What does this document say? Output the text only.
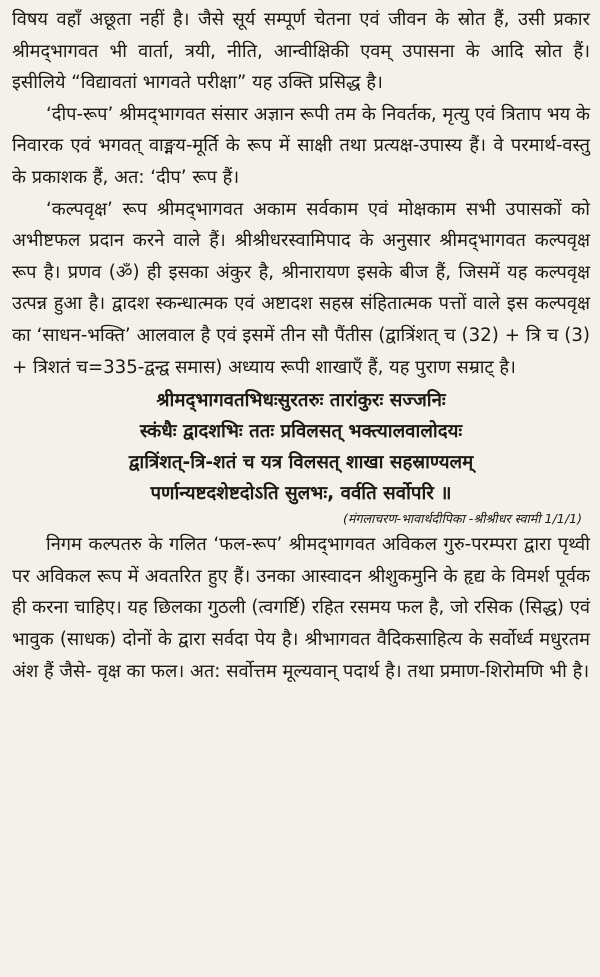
विषय वहाँ अछूता नहीं है। जैसे सूर्य सम्पूर्ण चेतना एवं जीवन के स्रोत हैं, उसी प्रकार श्रीमद्‌भागवत भी वार्ता, त्रयी, नीति, आन्वीक्षिकी एवम् उपासना के आदि स्रोत हैं। इसीलिये “विद्यावतां भागवते परीक्षा” यह उक्ति प्रसिद्ध है।

‘दीप-रूप’ श्रीमद्‌भागवत संसार अज्ञान रूपी तम के निवर्तक, मृत्यु एवं त्रिताप भय के निवारक एवं भगवत् वाङ्मय-मूर्ति के रूप में साक्षी तथा प्रत्यक्ष-उपास्य हैं। वे परमार्थ-वस्तु के प्रकाशक हैं, अत: ‘दीप’ रूप हैं।

‘कल्पवृक्ष’ रूप श्रीमद्‌भागवत अकाम सर्वकाम एवं मोक्षकाम सभी उपासकों को अभीष्टफल प्रदान करने वाले हैं। श्रीश्रीधरस्वामिपाद के अनुसार श्रीमद्‌भागवत कल्पवृक्ष रूप है। प्रणव (ॐ) ही इसका अंकुर है, श्रीनारायण इसके बीज हैं, जिसमें यह कल्पवृक्ष उत्पन्न हुआ है। द्वादश स्कन्धात्मक एवं अष्टादश सहस्र संहितात्मक पत्तों वाले इस कल्पवृक्ष का ‘साधन-भक्ति’ आलवाल है एवं इसमें तीन सौ पैंतीस (द्वात्रिंशत् च (32) + त्रि च (3) + त्रिशतं च=335-द्वन्द्व समास) अध्याय रूपी शाखाएँ हैं, यह पुराण सम्राट् है।

श्रीमद्‌भागवतभिधःसुरतरुः तारांकुरः सज्जनिः
स्कंधैः द्वादशभिः ततः प्रविलसत् भक्त्यालवालोदयः
द्वात्रिंशत्-त्रि-शतं च यत्र विलसत् शाखा सहस्राण्यलम्
पर्णान्यष्टदशेष्टदोऽति सुलभः, वर्वति सर्वोपरि ॥

(मंगलाचरण-भावार्थदीपिका -श्रीश्रीधर स्वामी 1/1/1)

निगम कल्पतरु के गलित ‘फल-रूप’ श्रीमद्‌भागवत अविकल गुरु-परम्परा द्वारा पृथ्वी पर अविकल रूप में अवतरित हुए हैं। उनका आस्वादन श्रीशुकमुनि के हृद्य के विमर्श पूर्वक ही करना चाहिए। यह छिलका गुठली (त्वगर्ष्टि) रहित रसमय फल है, जो रसिक (सिद्ध) एवं भावुक (साधक) दोनों के द्वारा सर्वदा पेय है। श्रीभागवत वैदिकसाहित्य के सर्वोर्ध्व मधुरतम अंश हैं जैसे- वृक्ष का फल। अत: सर्वोत्तम मूल्यवान् पदार्थ है। तथा प्रमाण-शिरोमणि भी है।
